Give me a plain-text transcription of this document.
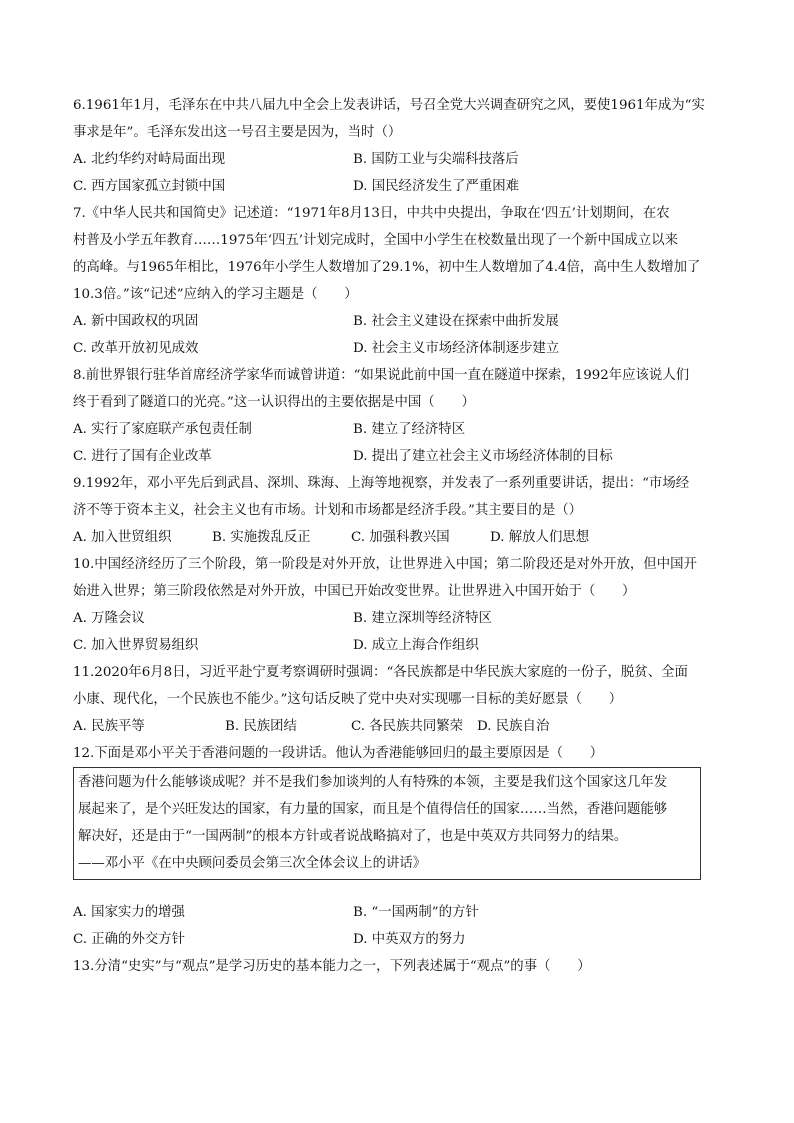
6.1961年1月，毛泽东在中共八届九中全会上发表讲话，号召全党大兴调查研究之风，要使1961年成为“实
事求是年”。毛泽东发出这一号召主要是因为，当时（）
A. 北约华约对峙局面出现	B. 国防工业与尖端科技落后
C. 西方国家孤立封锁中国	D. 国民经济发生了严重困难
7.《中华人民共和国简史》记述道：“1971年8月13日，中共中央提出，争取在‘四五’计划期间，在农
村普及小学五年教育……1975年‘四五’计划完成时，全国中小学生在校数量出现了一个新中国成立以来
的高峰。与1965年相比，1976年小学生人数增加了29.1%，初中生人数增加了4.4倍，高中生人数增加了
10.3倍。”该“记述”应纳入的学习主题是（　　）
A. 新中国政权的巩固	B. 社会主义建设在探索中曲折发展
C. 改革开放初见成效	D. 社会主义市场经济体制逐步建立
8.前世界银行驻华首席经济学家华而诚曾讲道：“如果说此前中国一直在隧道中探索，1992年应该说人们
终于看到了隧道口的光亮。”这一认识得出的主要依据是中国（　　）
A. 实行了家庭联产承包责任制	B. 建立了经济特区
C. 进行了国有企业改革	D. 提出了建立社会主义市场经济体制的目标
9.1992年，邓小平先后到武昌、深圳、珠海、上海等地视察，并发表了一系列重要讲话，提出：“市场经
济不等于资本主义，社会主义也有市场。计划和市场都是经济手段。”其主要目的是（）
A. 加入世贸组织	B. 实施拨乱反正	C. 加强科教兴国	D. 解放人们思想
10.中国经济经历了三个阶段，第一阶段是对外开放，让世界进入中国；第二阶段还是对外开放，但中国开
始进入世界；第三阶段依然是对外开放，中国已开始改变世界。让世界进入中国开始于（　　）
A. 万隆会议	B. 建立深圳等经济特区
C. 加入世界贸易组织	D. 成立上海合作组织
11.2020年6月8日，习近平赴宁夏考察调研时强调：“各民族都是中华民族大家庭的一份子，脱贫、全面
小康、现代化，一个民族也不能少。”这句话反映了党中央对实现哪一目标的美好愿景（　　）
A. 民族平等	B. 民族团结	C. 各民族共同繁荣	D. 民族自治
12.下面是邓小平关于香港问题的一段讲话。他认为香港能够回归的最主要原因是（　　）
香港问题为什么能够谈成呢？并不是我们参加谈判的人有特殊的本领，主要是我们这个国家这几年发
展起来了，是个兴旺发达的国家，有力量的国家，而且是个值得信任的国家……当然，香港问题能够
解决好，还是由于“一国两制”的根本方针或者说战略搞对了，也是中英双方共同努力的结果。
——邓小平《在中央顾问委员会第三次全体会议上的讲话》
A. 国家实力的增强	B. “一国两制”的方针
C. 正确的外交方针	D. 中英双方的努力
13.分清“史实”与“观点”是学习历史的基本能力之一，下列表述属于“观点”的事（　　）
